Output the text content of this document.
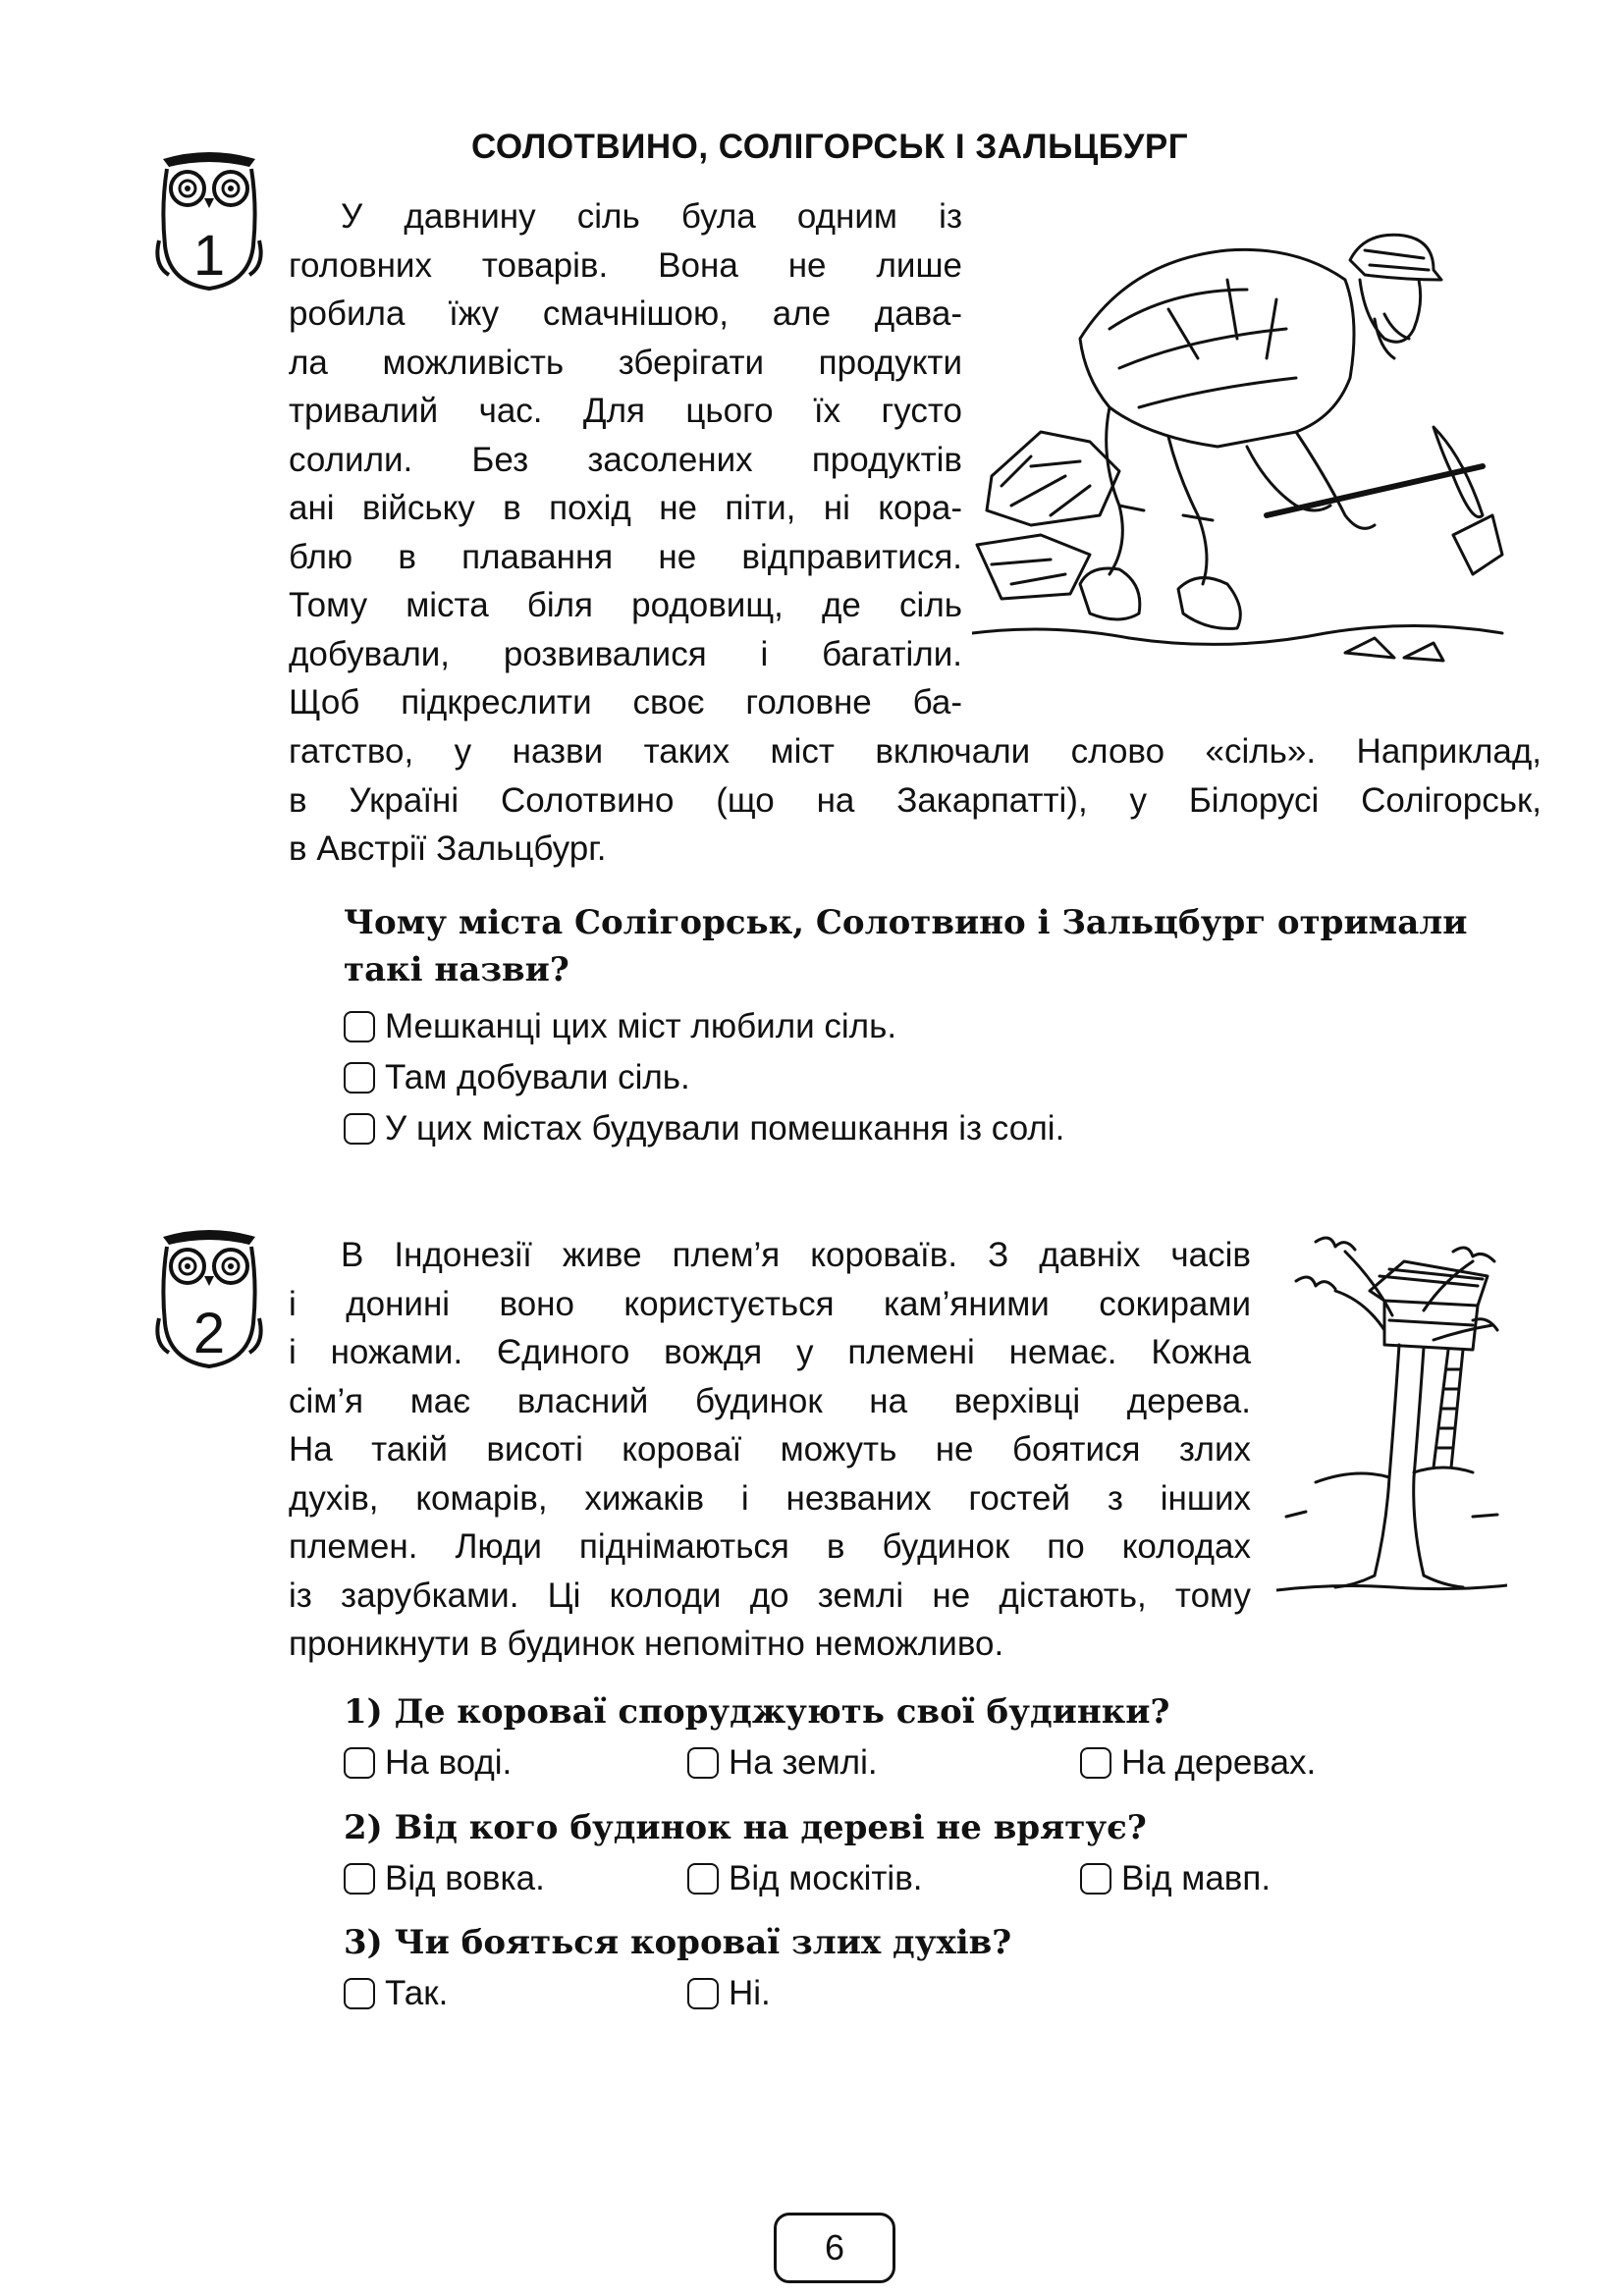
СОЛОТВИНО, СОЛІГОРСЬК І ЗАЛЬЦБУРГ
1
У давнину сіль була одним із
головних товарів. Вона не лише
робила їжу смачнішою, але дава-
ла можливість зберігати продукти
тривалий час. Для цього їх густо
солили. Без засолених продуктів
ані війську в похід не піти, ні кора-
блю в плавання не відправитися.
Тому міста біля родовищ, де сіль
добували, розвивалися і багатіли.
Щоб підкреслити своє головне ба-
гатство, у назви таких міст включали слово «сіль». Наприклад,
в Україні Солотвино (що на Закарпатті), у Білорусі Солігорськ,
в Австрії Зальцбург.
Чому міста Солігорськ, Солотвино і Зальцбург отримали
такі назви?
Мешканці цих міст любили сіль.
Там добували сіль.
У цих містах будували помешкання із солі.
2
В Індонезії живе плем’я короваїв. З давніх часів
і донині воно користується кам’яними сокирами
і ножами. Єдиного вождя у племені немає. Кожна
сім’я має власний будинок на верхівці дерева.
На такій висоті коровaї можуть не боятися злих
духів, комарів, хижаків і незваних гостей з інших
племен. Люди піднімаються в будинок по колодах
із зарубками. Ці колоди до землі не дістають, тому
проникнути в будинок непомітно неможливо.
1) Де короваї споруджують свої будинки?
На воді.	На землі.	На деревах.
2) Від кого будинок на дереві не врятує?
Від вовка.	Від москітів.	Від мавп.
3) Чи бояться короваї злих духів?
Так.	Ні.
6
